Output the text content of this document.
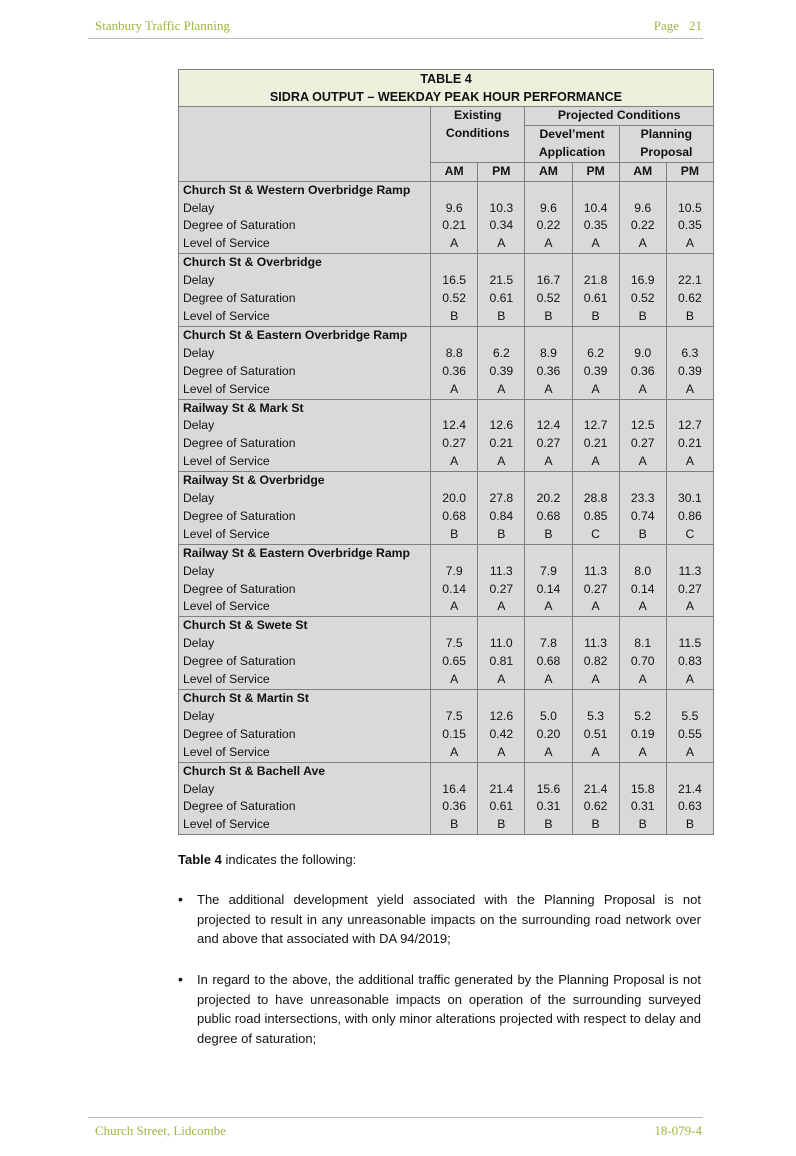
Stanbury Traffic Planning	Page 21
TABLE 4
SIDRA OUTPUT – WEEKDAY PEAK HOUR PERFORMANCE						

	Existing Conditions		Projected Conditions			
			Devel’ment Application		Planning Proposal	
	AM	PM	AM	PM	AM	PM
Church St & Western Overbridge Ramp						
Delay	9.6	10.3	9.6	10.4	9.6	10.5
Degree of Saturation	0.21	0.34	0.22	0.35	0.22	0.35
Level of Service	A	A	A	A	A	A
Church St & Overbridge						
Delay	16.5	21.5	16.7	21.8	16.9	22.1
Degree of Saturation	0.52	0.61	0.52	0.61	0.52	0.62
Level of Service	B	B	B	B	B	B
Church St & Eastern Overbridge Ramp						
Delay	8.8	6.2	8.9	6.2	9.0	6.3
Degree of Saturation	0.36	0.39	0.36	0.39	0.36	0.39
Level of Service	A	A	A	A	A	A
Railway St & Mark St						
Delay	12.4	12.6	12.4	12.7	12.5	12.7
Degree of Saturation	0.27	0.21	0.27	0.21	0.27	0.21
Level of Service	A	A	A	A	A	A
Railway St & Overbridge						
Delay	20.0	27.8	20.2	28.8	23.3	30.1
Degree of Saturation	0.68	0.84	0.68	0.85	0.74	0.86
Level of Service	B	B	B	C	B	C
Railway St & Eastern Overbridge Ramp						
Delay	7.9	11.3	7.9	11.3	8.0	11.3
Degree of Saturation	0.14	0.27	0.14	0.27	0.14	0.27
Level of Service	A	A	A	A	A	A
Church St & Swete St						
Delay	7.5	11.0	7.8	11.3	8.1	11.5
Degree of Saturation	0.65	0.81	0.68	0.82	0.70	0.83
Level of Service	A	A	A	A	A	A
Church St & Martin St						
Delay	7.5	12.6	5.0	5.3	5.2	5.5
Degree of Saturation	0.15	0.42	0.20	0.51	0.19	0.55
Level of Service	A	A	A	A	A	A
Church St & Bachell Ave						
Delay	16.4	21.4	15.6	21.4	15.8	21.4
Degree of Saturation	0.36	0.61	0.31	0.62	0.31	0.63
Level of Service	B	B	B	B	B	B
Table 4 indicates the following:
• The additional development yield associated with the Planning Proposal is not projected to result in any unreasonable impacts on the surrounding road network over and above that associated with DA 94/2019;
• In regard to the above, the additional traffic generated by the Planning Proposal is not projected to have unreasonable impacts on operation of the surrounding surveyed public road intersections, with only minor alterations projected with respect to delay and degree of saturation;
Church Street, Lidcombe	18-079-4
